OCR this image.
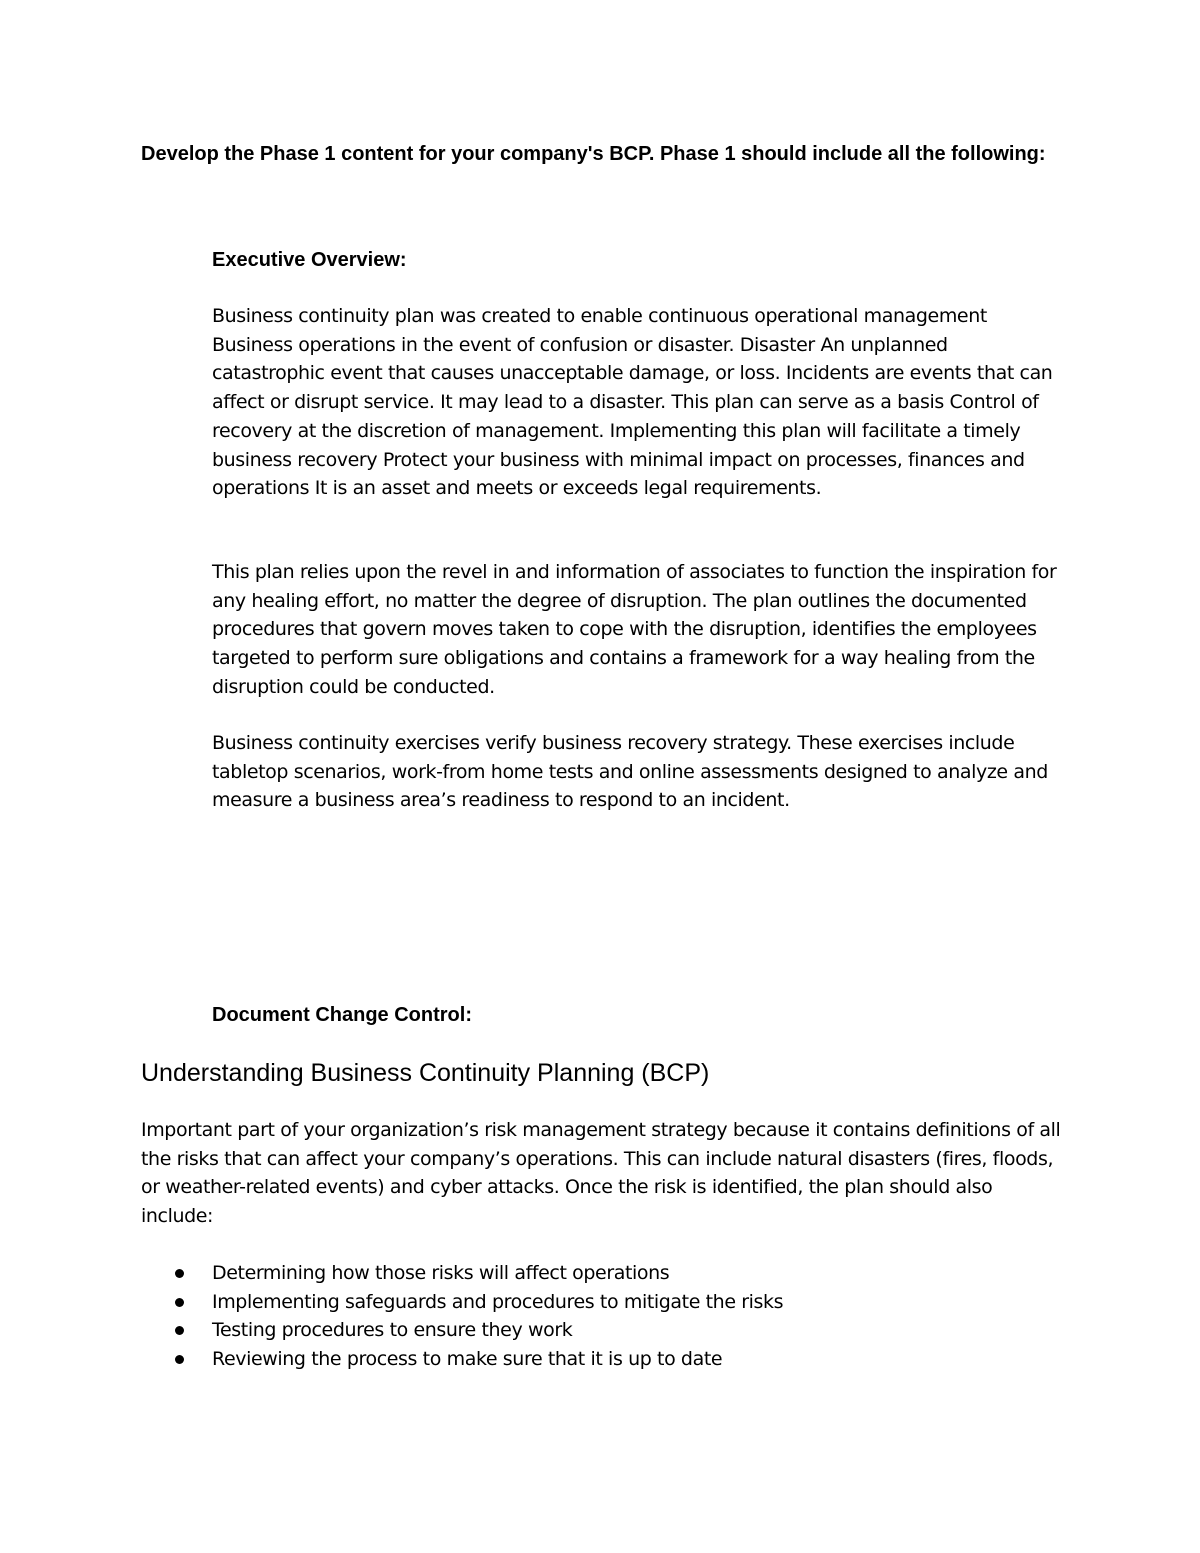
Develop the Phase 1 content for your company's BCP. Phase 1 should include all the following:
Executive Overview:

Business continuity plan was created to enable continuous operational management Business operations in the event of confusion or disaster. Disaster An unplanned catastrophic event that causes unacceptable damage, or loss. Incidents are events that can affect or disrupt service. It may lead to a disaster. This plan can serve as a basis Control of recovery at the discretion of management. Implementing this plan will facilitate a timely business recovery Protect your business with minimal impact on processes, finances and operations It is an asset and meets or exceeds legal requirements.

This plan relies upon the revel in and information of associates to function the inspiration for any healing effort, no matter the degree of disruption. The plan outlines the documented procedures that govern moves taken to cope with the disruption, identifies the employees targeted to perform sure obligations and contains a framework for a way healing from the disruption could be conducted.

Business continuity exercises verify business recovery strategy. These exercises include tabletop scenarios, work-from home tests and online assessments designed to analyze and measure a business area’s readiness to respond to an incident.

Document Change Control:
Understanding Business Continuity Planning (BCP)

Important part of your organization’s risk management strategy because it contains definitions of all the risks that can affect your company’s operations. This can include natural disasters (fires, floods, or weather-related events) and cyber attacks. Once the risk is identified, the plan should also include:

Determining how those risks will affect operations
Implementing safeguards and procedures to mitigate the risks
Testing procedures to ensure they work
Reviewing the process to make sure that it is up to date
